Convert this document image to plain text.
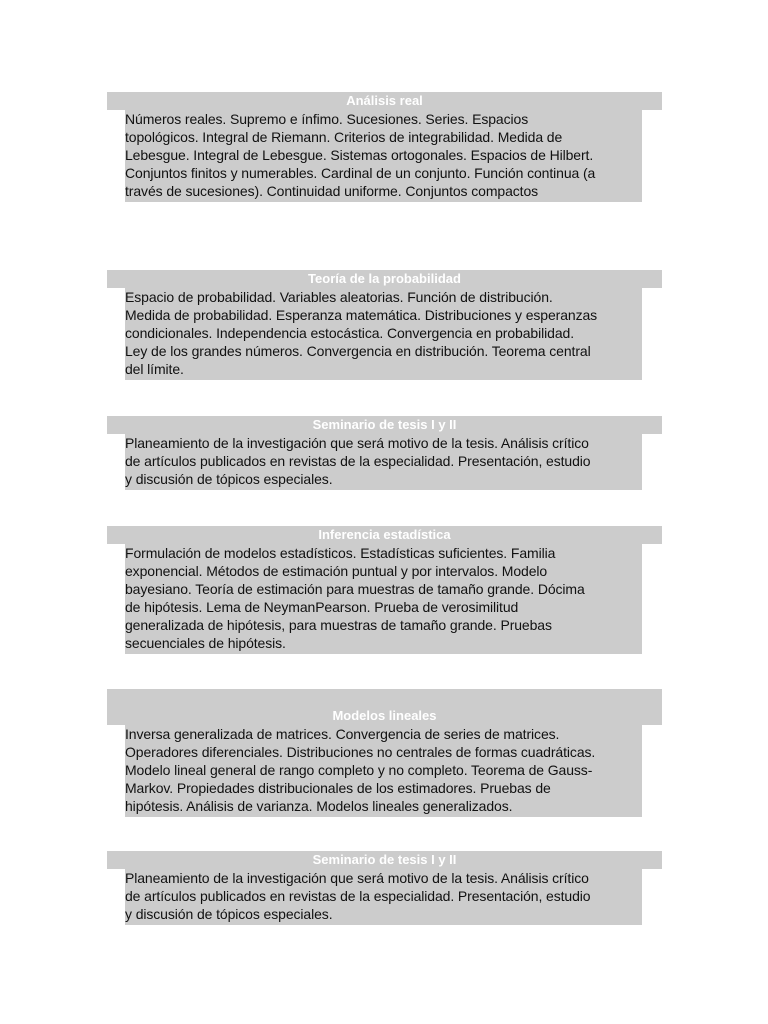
Análisis real
Números reales. Supremo e ínfimo. Sucesiones. Series. Espacios
topológicos. Integral de Riemann. Criterios de integrabilidad. Medida de
Lebesgue. Integral de Lebesgue. Sistemas ortogonales. Espacios de Hilbert.
Conjuntos finitos y numerables. Cardinal de un conjunto. Función continua (a
través de sucesiones). Continuidad uniforme. Conjuntos compactos
Teoría de la probabilidad
Espacio de probabilidad. Variables aleatorias. Función de distribución.
Medida de probabilidad. Esperanza matemática. Distribuciones y esperanzas
condicionales. Independencia estocástica. Convergencia en probabilidad.
Ley de los grandes números. Convergencia en distribución. Teorema central
del límite.
Seminario de tesis I y II
Planeamiento de la investigación que será motivo de la tesis. Análisis crítico
de artículos publicados en revistas de la especialidad. Presentación, estudio
y discusión de tópicos especiales.
Inferencia estadística
Formulación de modelos estadísticos. Estadísticas suficientes. Familia
exponencial. Métodos de estimación puntual y por intervalos. Modelo
bayesiano. Teoría de estimación para muestras de tamaño grande. Dócima
de hipótesis. Lema de NeymanPearson. Prueba de verosimilitud
generalizada de hipótesis, para muestras de tamaño grande. Pruebas
secuenciales de hipótesis.
Modelos lineales
Inversa generalizada de matrices. Convergencia de series de matrices.
Operadores diferenciales. Distribuciones no centrales de formas cuadráticas.
Modelo lineal general de rango completo y no completo. Teorema de Gauss-
Markov. Propiedades distribucionales de los estimadores. Pruebas de
hipótesis. Análisis de varianza. Modelos lineales generalizados.
Seminario de tesis I y II
Planeamiento de la investigación que será motivo de la tesis. Análisis crítico
de artículos publicados en revistas de la especialidad. Presentación, estudio
y discusión de tópicos especiales.
